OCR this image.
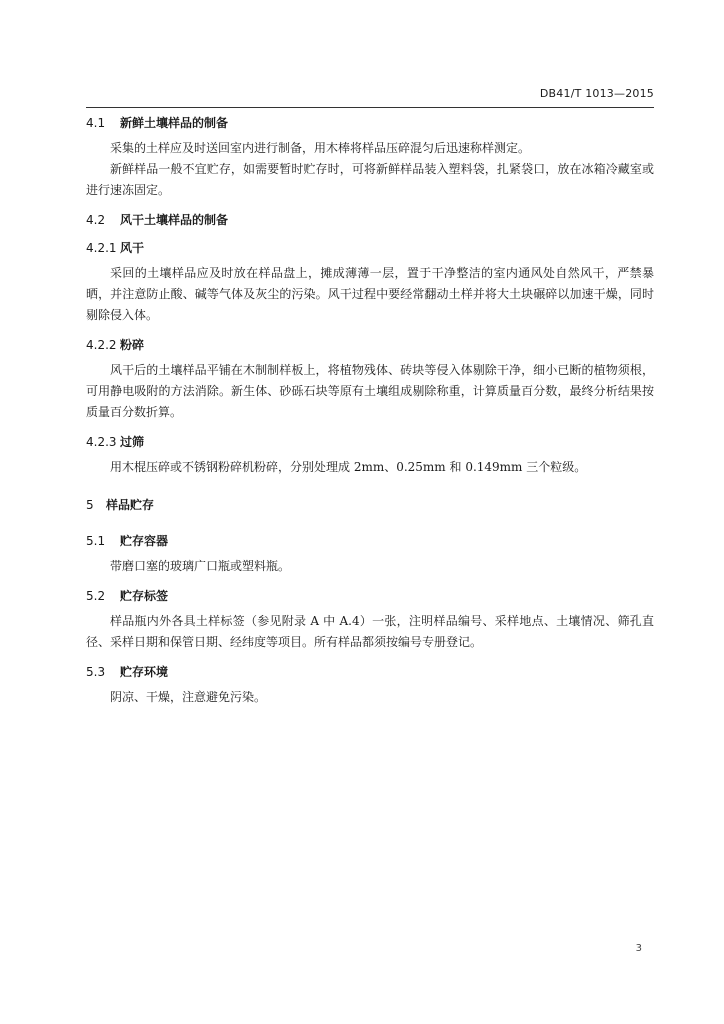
DB41/T 1013—2015
4.1 新鲜土壤样品的制备

采集的土样应及时送回室内进行制备，用木棒将样品压碎混匀后迅速称样测定。

新鲜样品一般不宜贮存，如需要暂时贮存时，可将新鲜样品装入塑料袋，扎紧袋口，放在冰箱冷藏室或进行速冻固定。

4.2 风干土壤样品的制备
4.2.1 风干

采回的土壤样品应及时放在样品盘上，摊成薄薄一层，置于干净整洁的室内通风处自然风干，严禁暴晒，并注意防止酸、碱等气体及灰尘的污染。风干过程中要经常翻动土样并将大土块碾碎以加速干燥，同时剔除侵入体。

4.2.2 粉碎

风干后的土壤样品平铺在木制制样板上，将植物残体、砖块等侵入体剔除干净，细小已断的植物须根，可用静电吸附的方法消除。新生体、砂砾石块等原有土壤组成剔除称重，计算质量百分数，最终分析结果按质量百分数折算。

4.2.3 过筛

用木棍压碎或不锈钢粉碎机粉碎，分别处理成 2mm、0.25mm 和 0.149mm 三个粒级。

5 样品贮存
5.1 贮存容器

带磨口塞的玻璃广口瓶或塑料瓶。

5.2 贮存标签

样品瓶内外各具土样标签（参见附录 A 中 A.4）一张，注明样品编号、采样地点、土壤情况、筛孔直径、采样日期和保管日期、经纬度等项目。所有样品都须按编号专册登记。

5.3 贮存环境

阴凉、干燥，注意避免污染。

3
